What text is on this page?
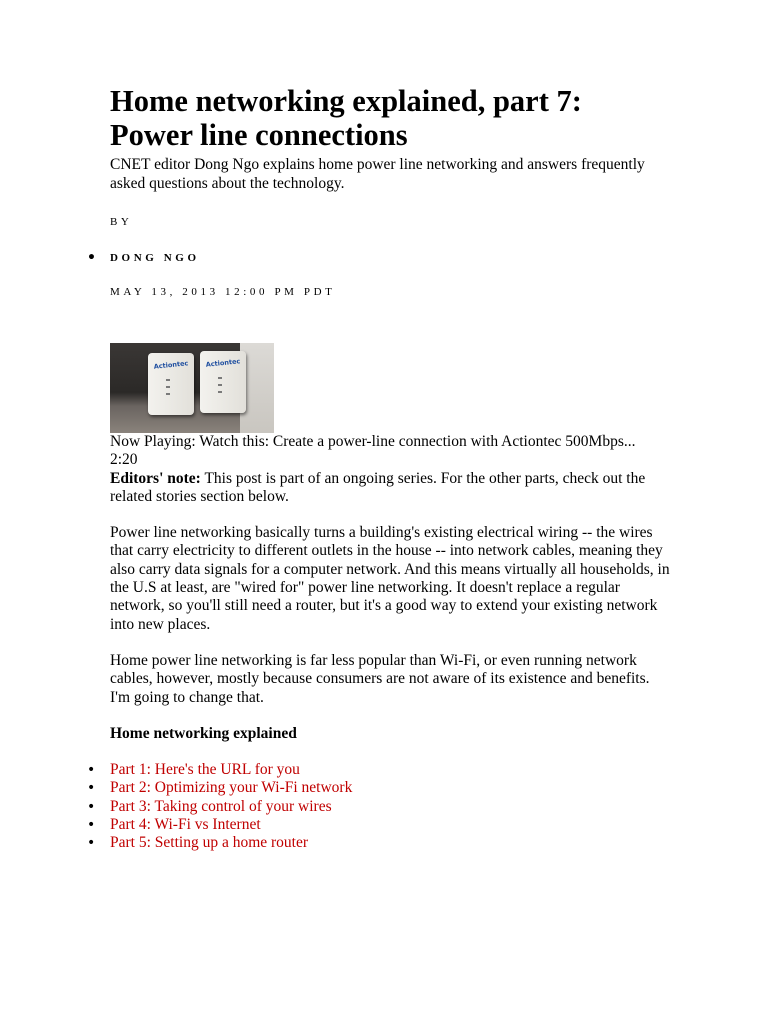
Home networking explained, part 7:
Power line connections

CNET editor Dong Ngo explains home power line networking and answers frequently asked questions about the technology.

BY
• DONG NGO
MAY 13, 2013 12:00 PM PDT
Actiontec	Actiontec
Now Playing: Watch this: Create a power-line connection with Actiontec 500Mbps...
2:20

Editors' note: This post is part of an ongoing series. For the other parts, check out the related stories section below.

Power line networking basically turns a building's existing electrical wiring -- the wires that carry electricity to different outlets in the house -- into network cables, meaning they also carry data signals for a computer network. And this means virtually all households, in the U.S at least, are "wired for" power line networking. It doesn't replace a regular network, so you'll still need a router, but it's a good way to extend your existing network into new places.

Home power line networking is far less popular than Wi-Fi, or even running network cables, however, mostly because consumers are not aware of its existence and benefits. I'm going to change that.

Home networking explained

• Part 1: Here's the URL for you
• Part 2: Optimizing your Wi-Fi network
• Part 3: Taking control of your wires
• Part 4: Wi-Fi vs Internet
• Part 5: Setting up a home router
